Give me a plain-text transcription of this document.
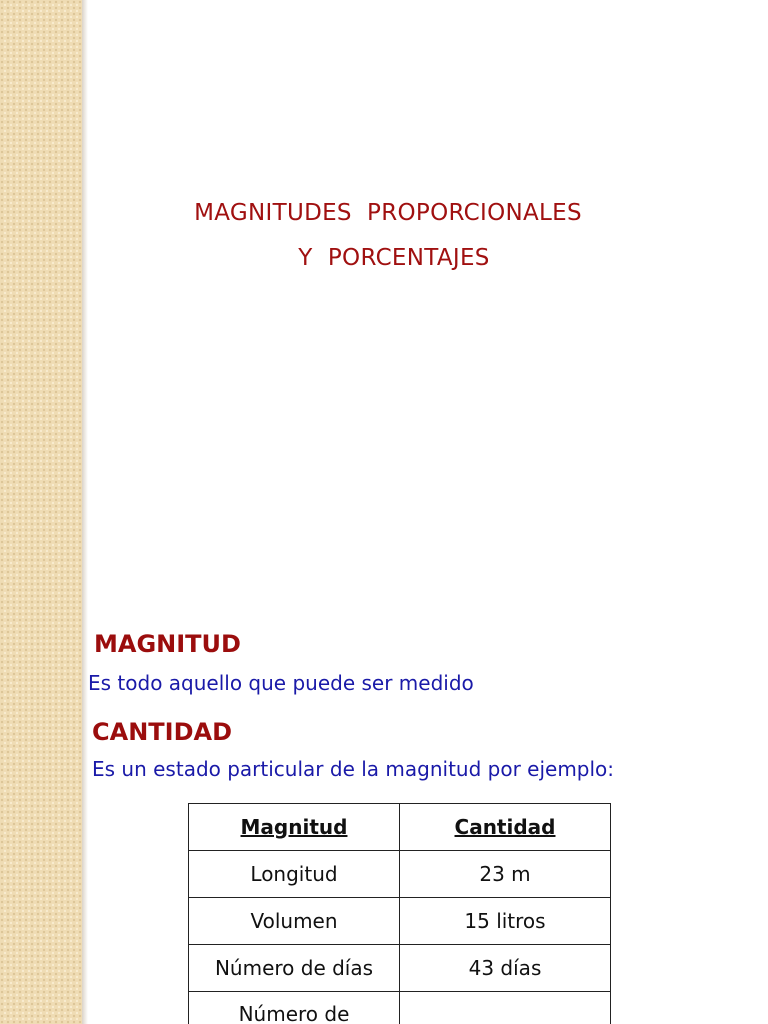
MAGNITUDES  PROPORCIONALES
Y  PORCENTAJES
MAGNITUD
Es todo aquello que puede ser medido
CANTIDAD
Es un estado particular de la magnitud por ejemplo:
Magnitud	Cantidad
Longitud	23 m
Volumen	15 litros
Número de días	43 días
Número de	
